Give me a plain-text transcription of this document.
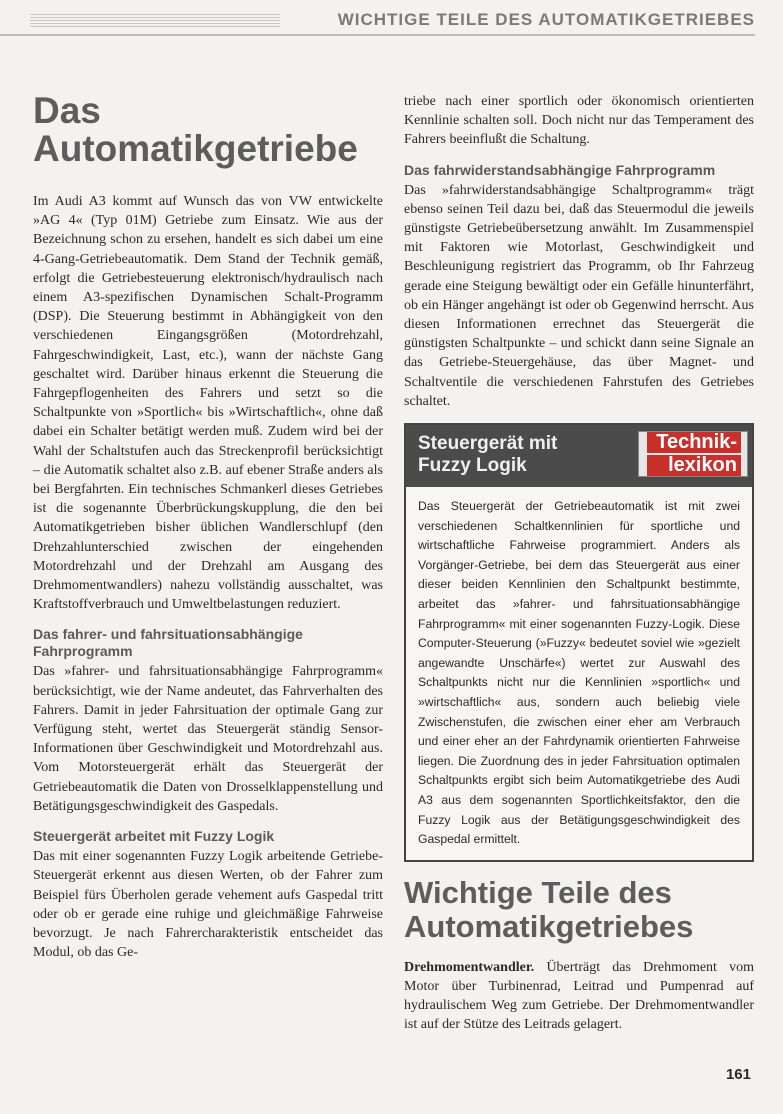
WICHTIGE TEILE DES AUTOMATIKGETRIEBES
Das
Automatikgetriebe

Im Audi A3 kommt auf Wunsch das von VW entwickelte »AG 4« (Typ 01M) Getriebe zum Einsatz. Wie aus der Bezeichnung schon zu ersehen, handelt es sich dabei um eine 4-Gang-Getriebeautomatik. Dem Stand der Technik gemäß, erfolgt die Getriebesteuerung elektronisch/hydraulisch nach einem A3-spezifischen Dynamischen Schalt-Programm (DSP). Die Steuerung bestimmt in Abhängigkeit von den verschiedenen Eingangsgrößen (Motordrehzahl, Fahrgeschwindigkeit, Last, etc.), wann der nächste Gang geschaltet wird. Darüber hinaus erkennt die Steuerung die Fahrgepflogenheiten des Fahrers und setzt so die Schaltpunkte von »Sportlich« bis »Wirtschaftlich«, ohne daß dabei ein Schalter betätigt werden muß. Zudem wird bei der Wahl der Schaltstufen auch das Streckenprofil berücksichtigt – die Automatik schaltet also z.B. auf ebener Straße anders als bei Bergfahrten. Ein technisches Schmankerl dieses Getriebes ist die sogenannte Überbrückungskupplung, die den bei Automatikgetrieben bisher üblichen Wandlerschlupf (den Drehzahlunterschied zwischen der eingehenden Motordrehzahl und der Drehzahl am Ausgang des Drehmomentwandlers) nahezu vollständig ausschaltet, was Kraftstoffverbrauch und Umweltbelastungen reduziert.

Das fahrer- und fahrsituationsabhängige Fahrprogramm

Das »fahrer- und fahrsituationsabhängige Fahrprogramm« berücksichtigt, wie der Name andeutet, das Fahrverhalten des Fahrers. Damit in jeder Fahrsituation der optimale Gang zur Verfügung steht, wertet das Steuergerät ständig Sensor-Informationen über Geschwindigkeit und Motordrehzahl aus. Vom Motorsteuergerät erhält das Steuergerät der Getriebeautomatik die Daten von Drosselklappenstellung und Betätigungsgeschwindigkeit des Gaspedals.

Steuergerät arbeitet mit Fuzzy Logik

Das mit einer sogenannten Fuzzy Logik arbeitende Getriebe-Steuergerät erkennt aus diesen Werten, ob der Fahrer zum Beispiel fürs Überholen gerade vehement aufs Gaspedal tritt oder ob er gerade eine ruhige und gleichmäßige Fahrweise bevorzugt. Je nach Fahrercharakteristik entscheidet das Modul, ob das Ge-

triebe nach einer sportlich oder ökonomisch orientierten Kennlinie schalten soll. Doch nicht nur das Temperament des Fahrers beeinflußt die Schaltung.

Das fahrwiderstandsabhängige Fahrprogramm

Das »fahrwiderstandsabhängige Schaltprogramm« trägt ebenso seinen Teil dazu bei, daß das Steuermodul die jeweils günstigste Getriebeübersetzung anwählt. Im Zusammenspiel mit Faktoren wie Motorlast, Geschwindigkeit und Beschleunigung registriert das Programm, ob Ihr Fahrzeug gerade eine Steigung bewältigt oder ein Gefälle hinunterfährt, ob ein Hänger angehängt ist oder ob Gegenwind herrscht. Aus diesen Informationen errechnet das Steuergerät die günstigsten Schaltpunkte – und schickt dann seine Signale an das Getriebe-Steuergehäuse, das über Magnet- und Schaltventile die verschiedenen Fahrstufen des Getriebes schaltet.

Steuergerät mit
Fuzzy Logik
Technik-
lexikon
Das Steuergerät der Getriebeautomatik ist mit zwei verschiedenen Schaltkennlinien für sportliche und wirtschaftliche Fahrweise programmiert. Anders als Vorgänger-Getriebe, bei dem das Steuergerät aus einer dieser beiden Kennlinien den Schaltpunkt bestimmte, arbeitet das »fahrer- und fahrsituationsabhängige Fahrprogramm« mit einer sogenannten Fuzzy-Logik. Diese Computer-Steuerung (»Fuzzy« bedeutet soviel wie »gezielt angewandte Unschärfe«) wertet zur Auswahl des Schaltpunkts nicht nur die Kennlinien »sportlich« und »wirtschaftlich« aus, sondern auch beliebig viele Zwischenstufen, die zwischen einer eher am Verbrauch und einer eher an der Fahrdynamik orientierten Fahrweise liegen. Die Zuordnung des in jeder Fahrsituation optimalen Schaltpunkts ergibt sich beim Automatikgetriebe des Audi A3 aus dem sogenannten Sportlichkeitsfaktor, den die Fuzzy Logik aus der Betätigungsgeschwindigkeit des Gaspedal ermittelt.
Wichtige Teile des
Automatikgetriebes

Drehmomentwandler. Überträgt das Drehmoment vom Motor über Turbinenrad, Leitrad und Pumpenrad auf hydraulischem Weg zum Getriebe. Der Drehmomentwandler ist auf der Stütze des Leitrads gelagert.

161
